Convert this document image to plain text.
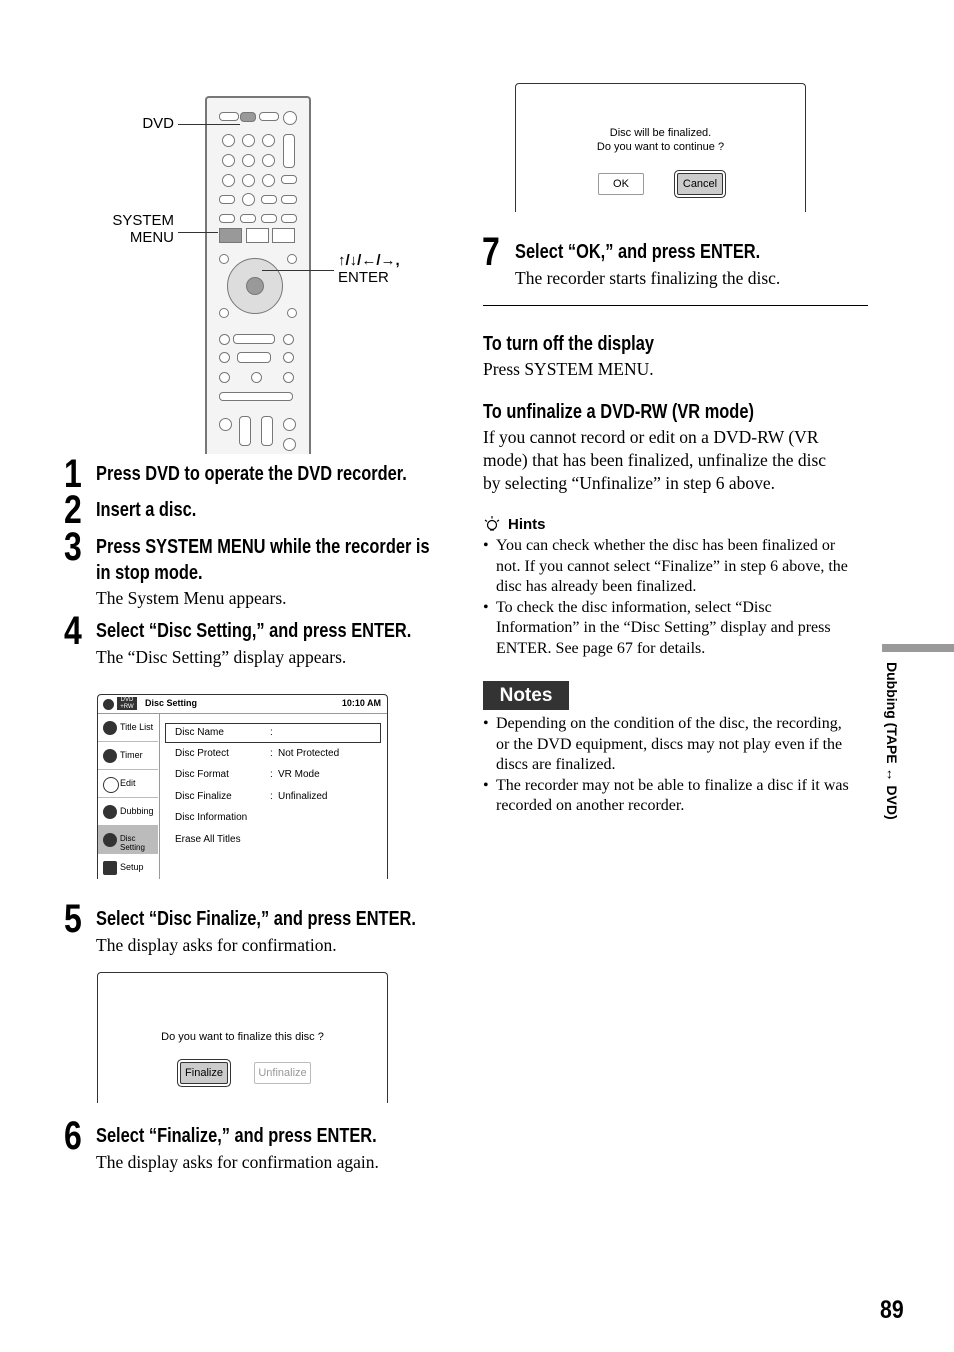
DVD
SYSTEM
MENU
↑/↓/←/→,
ENTER
1 Press DVD to operate the DVD recorder.
2 Insert a disc.
3 Press SYSTEM MENU while the recorder is
in stop mode.
The System Menu appears.
4 Select “Disc Setting,” and press ENTER.
The “Disc Setting” display appears.
DVD
+RW	Disc Setting	10:10 AM
Title List
Timer
Edit
Dubbing
Disc Setting
Setup
Disc Name	:
Disc Protect	: Not Protected
Disc Format	: VR Mode
Disc Finalize	: Unfinalized
Disc Information
Erase All Titles
5 Select “Disc Finalize,” and press ENTER.
The display asks for confirmation.
Do you want to finalize this disc ?
Finalize	Unfinalize
6 Select “Finalize,” and press ENTER.
The display asks for confirmation again.
Disc will be finalized.
Do you want to continue ?
OK	Cancel
7 Select “OK,” and press ENTER.
The recorder starts finalizing the disc.
To turn off the display
Press SYSTEM MENU.
To unfinalize a DVD-RW (VR mode)
If you cannot record or edit on a DVD-RW (VR
mode) that has been finalized, unfinalize the disc
by selecting “Unfinalize” in step 6 above.
Hints
• You can check whether the disc has been finalized or
not. If you cannot select “Finalize” in step 6 above, the
disc has already been finalized.
• To check the disc information, select “Disc
Information” in the “Disc Setting” display and press
ENTER. See page 67 for details.
Notes
• Depending on the condition of the disc, the recording,
or the DVD equipment, discs may not play even if the
discs are finalized.
• The recorder may not be able to finalize a disc if it was
recorded on another recorder.	Dubbing (TAPE ↔ DVD)
89
